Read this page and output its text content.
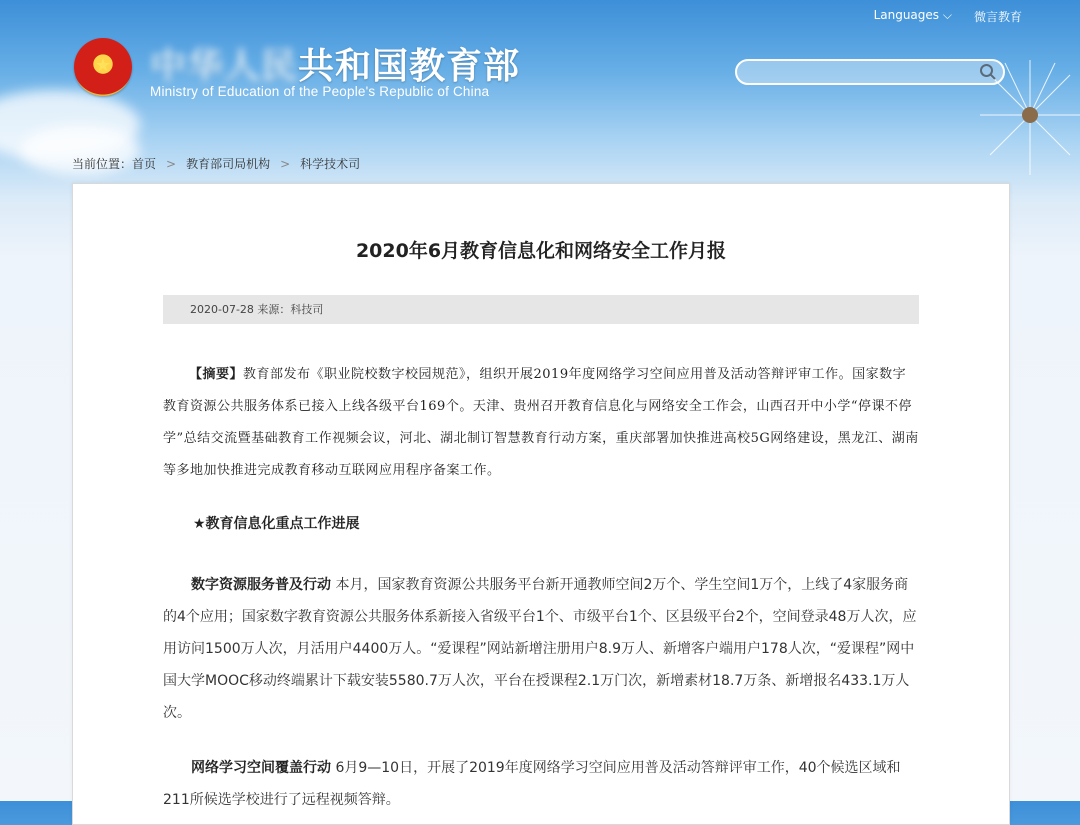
★	中华人民共和国教育部
Ministry of Education of the People's Republic of China
Languages ⌵ 微言教育
当前位置：首页 > 教育部司局机构 > 科学技术司
2020年6月教育信息化和网络安全工作月报
2020-07-28 来源：科技司
【摘要】教育部发布《职业院校数字校园规范》，组织开展2019年度网络学习空间应用普及活动答辩评审工作。国家数字教育资源公共服务体系已接入上线各级平台169个。天津、贵州召开教育信息化与网络安全工作会，山西召开中小学“停课不停学”总结交流暨基础教育工作视频会议，河北、湖北制订智慧教育行动方案，重庆部署加快推进高校5G网络建设，黑龙江、湖南等多地加快推进完成教育移动互联网应用程序备案工作。
★教育信息化重点工作进展
数字资源服务普及行动 本月，国家教育资源公共服务平台新开通教师空间2万个、学生空间1万个，上线了4家服务商的4个应用；国家数字教育资源公共服务体系新接入省级平台1个、市级平台1个、区县级平台2个，空间登录48万人次，应用访问1500万人次，月活用户4400万人。“爱课程”网站新增注册用户8.9万人、新增客户端用户178人次，“爱课程”网中国大学MOOC移动终端累计下载安装5580.7万人次，平台在授课程2.1万门次，新增素材18.7万条、新增报名433.1万人次。
网络学习空间覆盖行动 6月9—10日，开展了2019年度网络学习空间应用普及活动答辩评审工作，40个候选区域和211所候选学校进行了远程视频答辩。
